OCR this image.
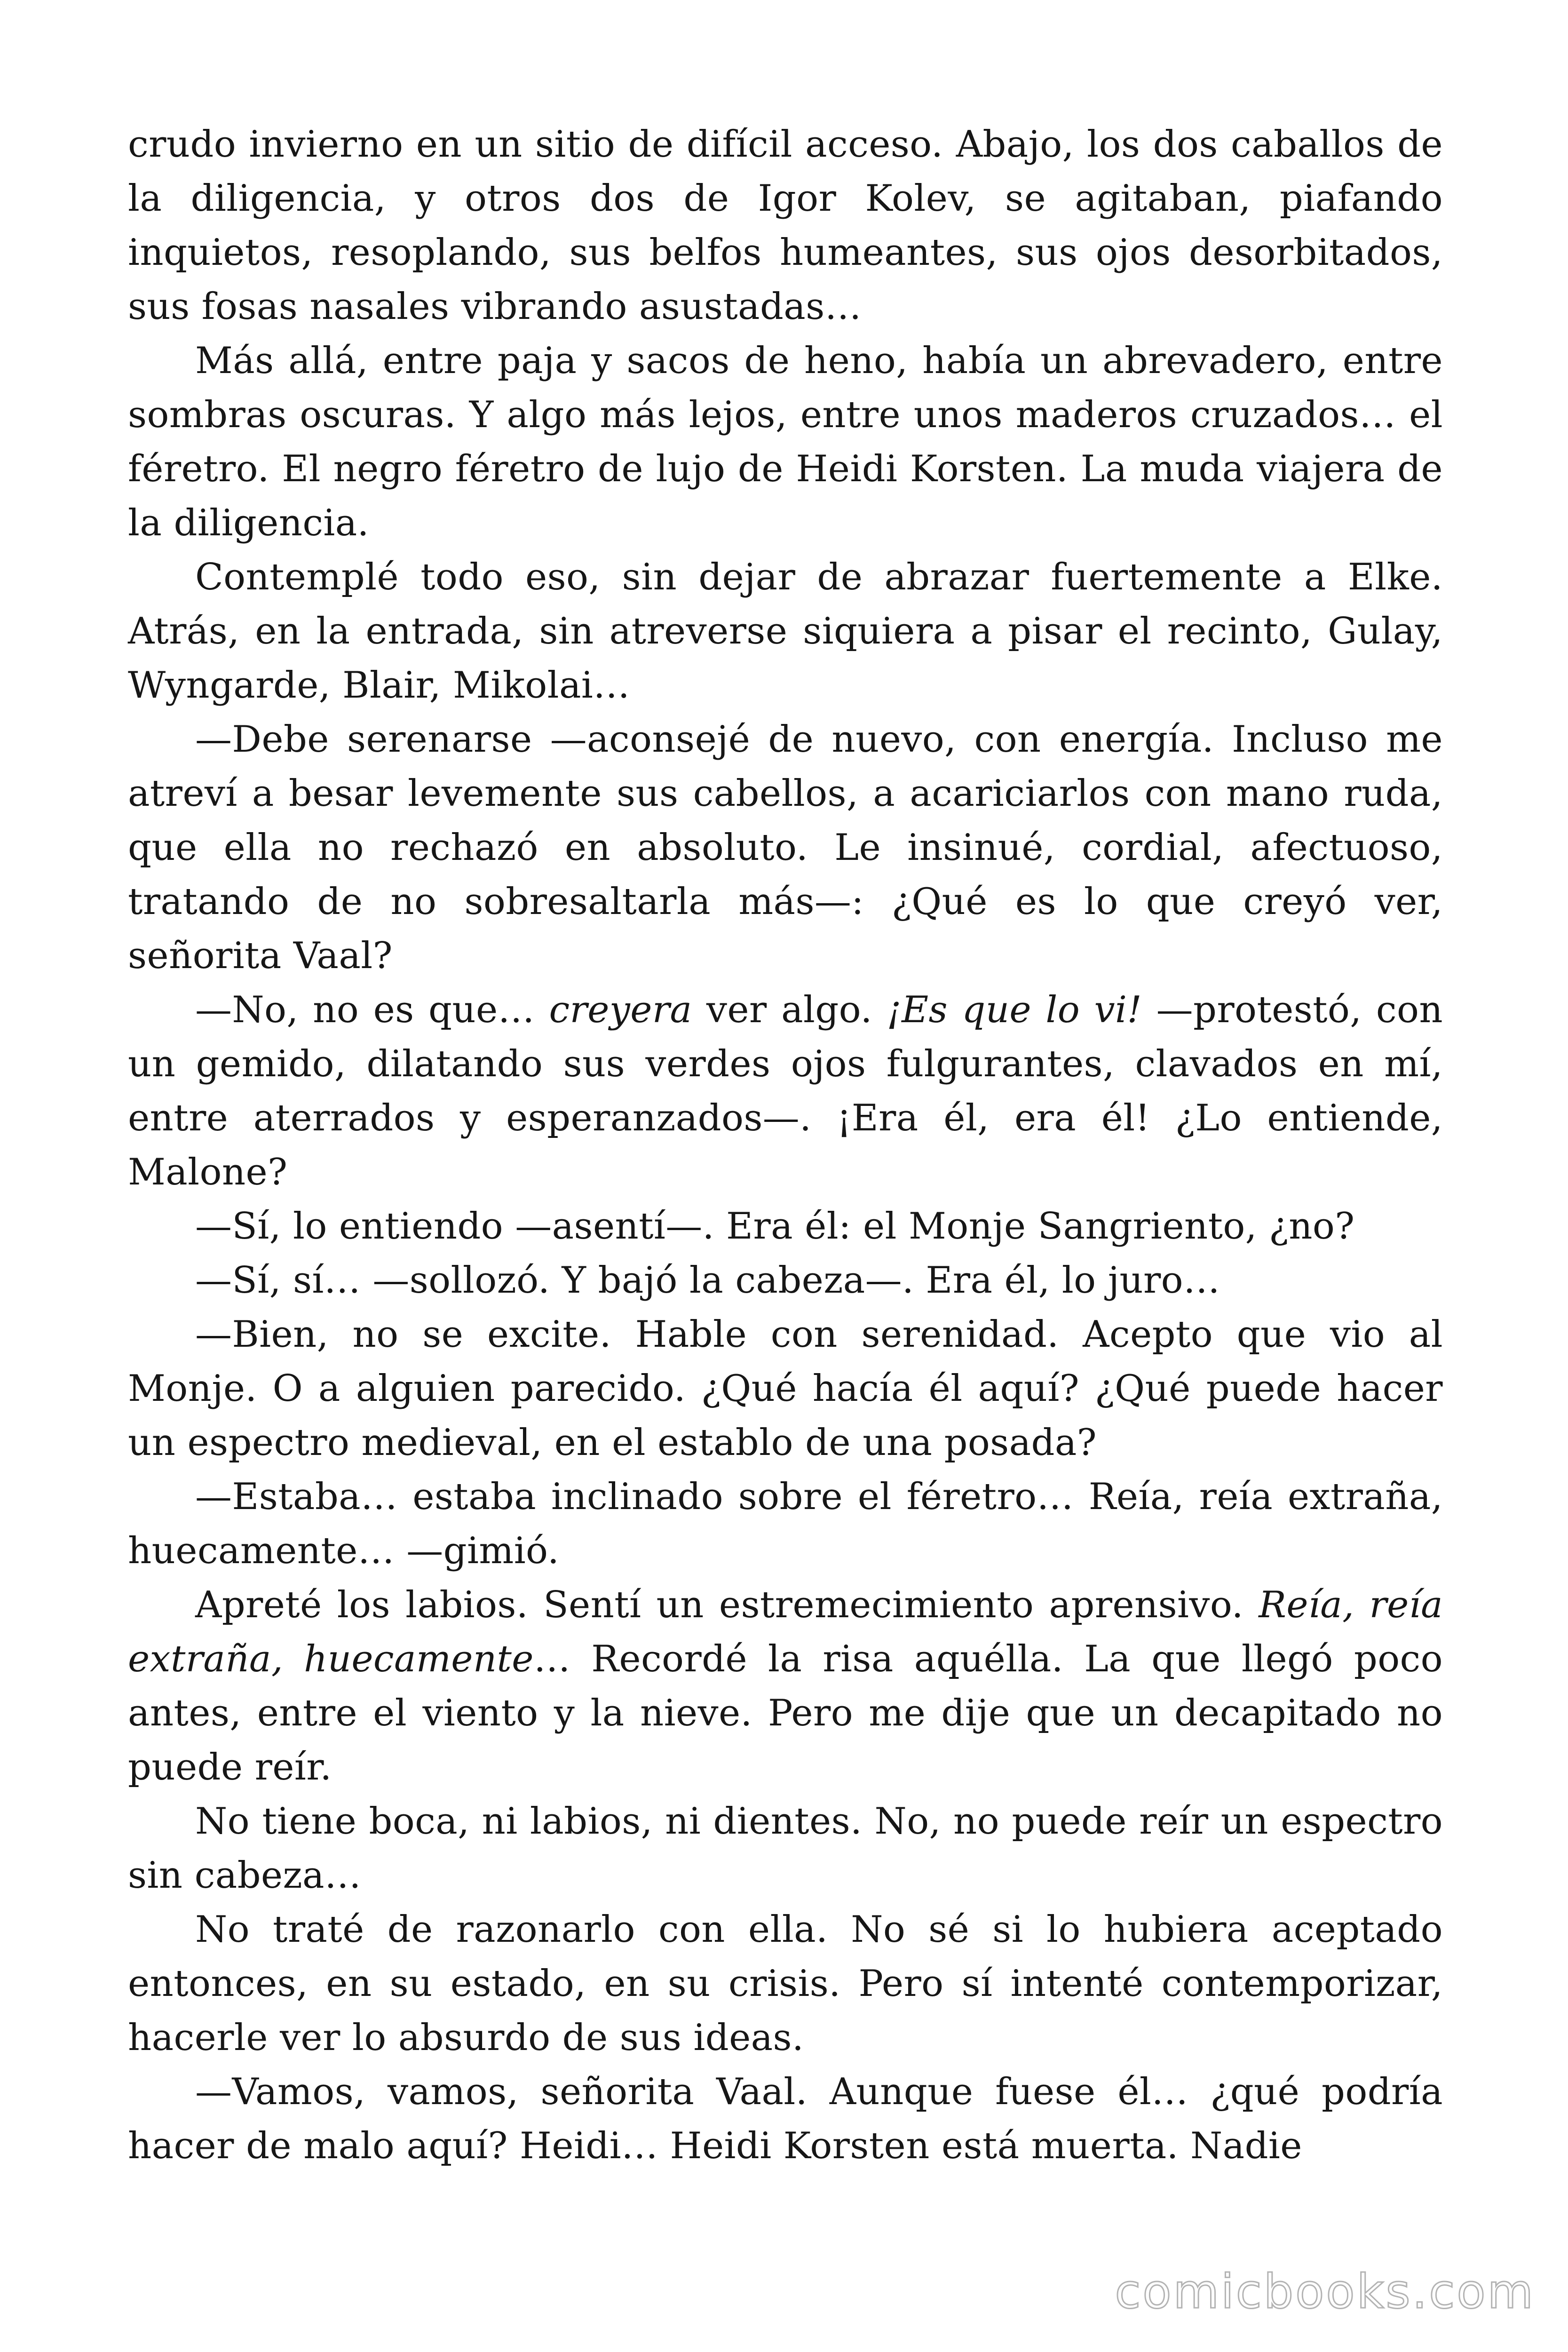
crudo invierno en un sitio de difícil acceso. Abajo, los dos caballos de la diligencia, y otros dos de Igor Kolev, se agitaban, piafando inquietos, resoplando, sus belfos humeantes, sus ojos desorbitados, sus fosas nasales vibrando asustadas…

Más allá, entre paja y sacos de heno, había un abrevadero, entre sombras oscuras. Y algo más lejos, entre unos maderos cruzados… el féretro. El negro féretro de lujo de Heidi Korsten. La muda viajera de la diligencia.

Contemplé todo eso, sin dejar de abrazar fuertemente a Elke. Atrás, en la entrada, sin atreverse siquiera a pisar el recinto, Gulay, Wyngarde, Blair, Mikolai…

—Debe serenarse —aconsejé de nuevo, con energía. Incluso me atreví a besar levemente sus cabellos, a acariciarlos con mano ruda, que ella no rechazó en absoluto. Le insinué, cordial, afectuoso, tratando de no sobresaltarla más—: ¿Qué es lo que creyó ver, señorita Vaal?

—No, no es que… creyera ver algo. ¡Es que lo vi! —protestó, con un gemido, dilatando sus verdes ojos fulgurantes, clavados en mí, entre aterrados y esperanzados—. ¡Era él, era él! ¿Lo entiende, Malone?

—Sí, lo entiendo —asentí—. Era él: el Monje Sangriento, ¿no?

—Sí, sí… —sollozó. Y bajó la cabeza—. Era él, lo juro…

—Bien, no se excite. Hable con serenidad. Acepto que vio al Monje. O a alguien parecido. ¿Qué hacía él aquí? ¿Qué puede hacer un espectro medieval, en el establo de una posada?

—Estaba… estaba inclinado sobre el féretro… Reía, reía extraña, huecamente… —gimió.

Apreté los labios. Sentí un estremecimiento aprensivo. Reía, reía extraña, huecamente… Recordé la risa aquélla. La que llegó poco antes, entre el viento y la nieve. Pero me dije que un decapitado no puede reír.

No tiene boca, ni labios, ni dientes. No, no puede reír un espectro sin cabeza…

No traté de razonarlo con ella. No sé si lo hubiera aceptado entonces, en su estado, en su crisis. Pero sí intenté contemporizar, hacerle ver lo absurdo de sus ideas.

—Vamos, vamos, señorita Vaal. Aunque fuese él… ¿qué podría hacer de malo aquí? Heidi… Heidi Korsten está muerta. Nadie

comicbooks.com
